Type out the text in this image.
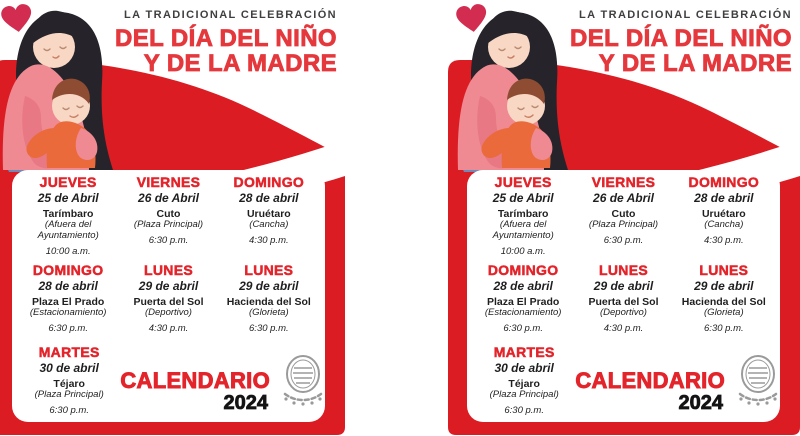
LA TRADICIONAL CELEBRACIÓN
DEL DÍA DEL NIÑO
Y DE LA MADRE
JUEVES
25 de Abril
Tarímbaro
(Afuera del Ayuntamiento)
10:00 a.m.
VIERNES
26 de Abril
Cuto
(Plaza Principal)
6:30 p.m.
DOMINGO
28 de abril
Uruétaro
(Cancha)
4:30 p.m.
DOMINGO
28 de abril
Plaza El Prado
(Estacionamiento)
6:30 p.m.
LUNES
29 de abril
Puerta del Sol
(Deportivo)
4:30 p.m.
LUNES
29 de abril
Hacienda del Sol
(Glorieta)
6:30 p.m.
MARTES
30 de abril
Téjaro
(Plaza Principal)
6:30 p.m.
CALENDARIO
2024
LA TRADICIONAL CELEBRACIÓN
DEL DÍA DEL NIÑO
Y DE LA MADRE
JUEVES
25 de Abril
Tarímbaro
(Afuera del Ayuntamiento)
10:00 a.m.
VIERNES
26 de Abril
Cuto
(Plaza Principal)
6:30 p.m.
DOMINGO
28 de abril
Uruétaro
(Cancha)
4:30 p.m.
DOMINGO
28 de abril
Plaza El Prado
(Estacionamiento)
6:30 p.m.
LUNES
29 de abril
Puerta del Sol
(Deportivo)
4:30 p.m.
LUNES
29 de abril
Hacienda del Sol
(Glorieta)
6:30 p.m.
MARTES
30 de abril
Téjaro
(Plaza Principal)
6:30 p.m.
CALENDARIO
2024
